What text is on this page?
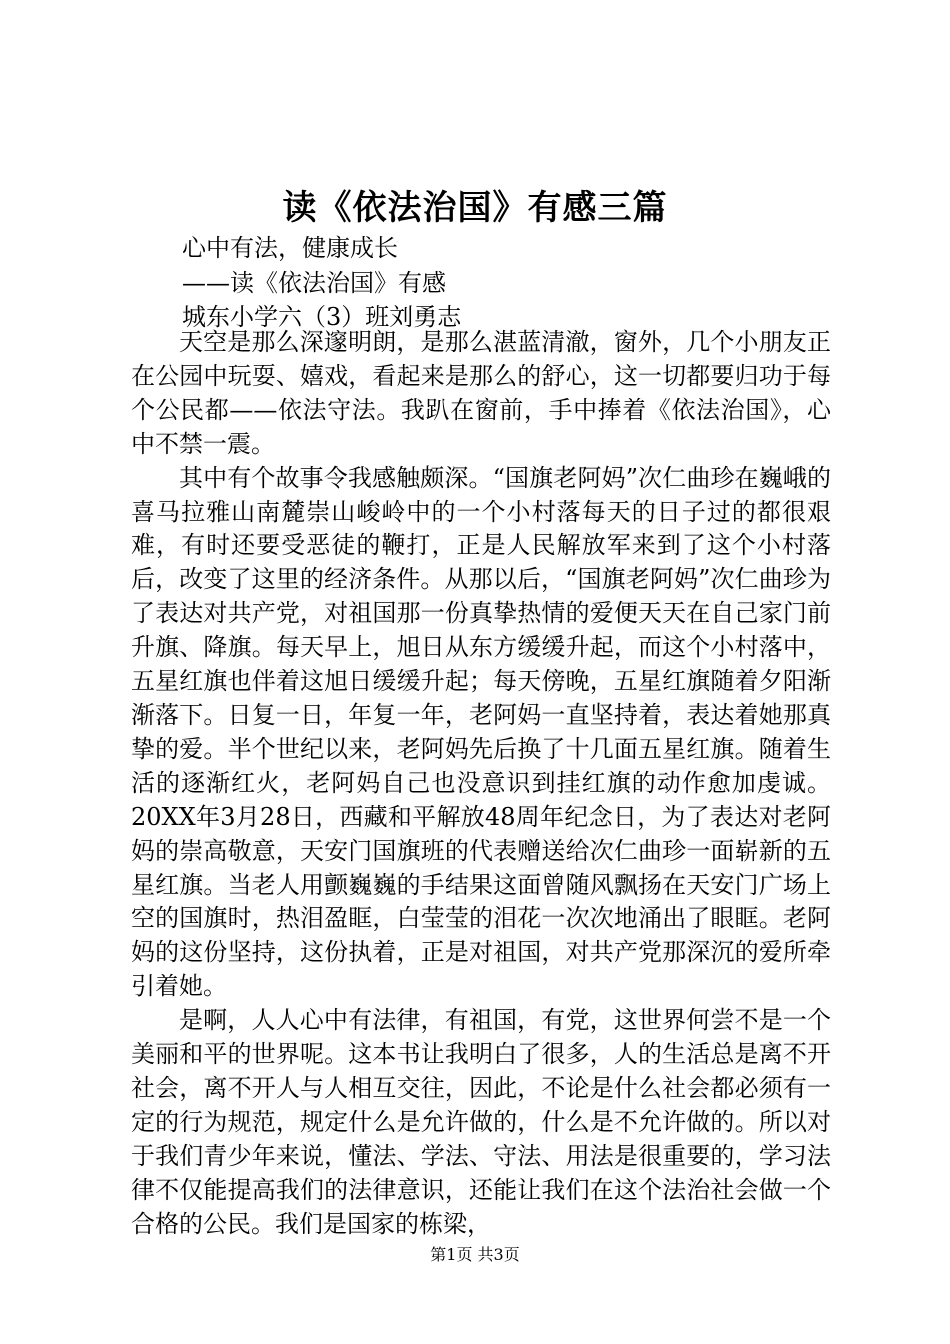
读《依法治国》有感三篇
心中有法，健康成长
——读《依法治国》有感
城东小学六（3）班刘勇志

天空是那么深邃明朗，是那么湛蓝清澈，窗外，几个小朋友正在公园中玩耍、嬉戏，看起来是那么的舒心，这一切都要归功于每个公民都——依法守法。我趴在窗前，手中捧着《依法治国》，心中不禁一震。

其中有个故事令我感触颇深。“国旗老阿妈”次仁曲珍在巍峨的喜马拉雅山南麓崇山峻岭中的一个小村落每天的日子过的都很艰难，有时还要受恶徒的鞭打，正是人民解放军来到了这个小村落后，改变了这里的经济条件。从那以后，“国旗老阿妈”次仁曲珍为了表达对共产党，对祖国那一份真挚热情的爱便天天在自己家门前升旗、降旗。每天早上，旭日从东方缓缓升起，而这个小村落中，五星红旗也伴着这旭日缓缓升起；每天傍晚，五星红旗随着夕阳渐渐落下。日复一日，年复一年，老阿妈一直坚持着，表达着她那真挚的爱。半个世纪以来，老阿妈先后换了十几面五星红旗。随着生活的逐渐红火，老阿妈自己也没意识到挂红旗的动作愈加虔诚。20XX年3月28日，西藏和平解放48周年纪念日，为了表达对老阿妈的崇高敬意，天安门国旗班的代表赠送给次仁曲珍一面崭新的五星红旗。当老人用颤巍巍的手结果这面曾随风飘扬在天安门广场上空的国旗时，热泪盈眶，白莹莹的泪花一次次地涌出了眼眶。老阿妈的这份坚持，这份执着，正是对祖国，对共产党那深沉的爱所牵引着她。

是啊，人人心中有法律，有祖国，有党，这世界何尝不是一个美丽和平的世界呢。这本书让我明白了很多，人的生活总是离不开社会，离不开人与人相互交往，因此，不论是什么社会都必须有一定的行为规范，规定什么是允许做的，什么是不允许做的。所以对于我们青少年来说，懂法、学法、守法、用法是很重要的，学习法律不仅能提高我们的法律意识，还能让我们在这个法治社会做一个合格的公民。我们是国家的栋梁，

第1页 共3页
